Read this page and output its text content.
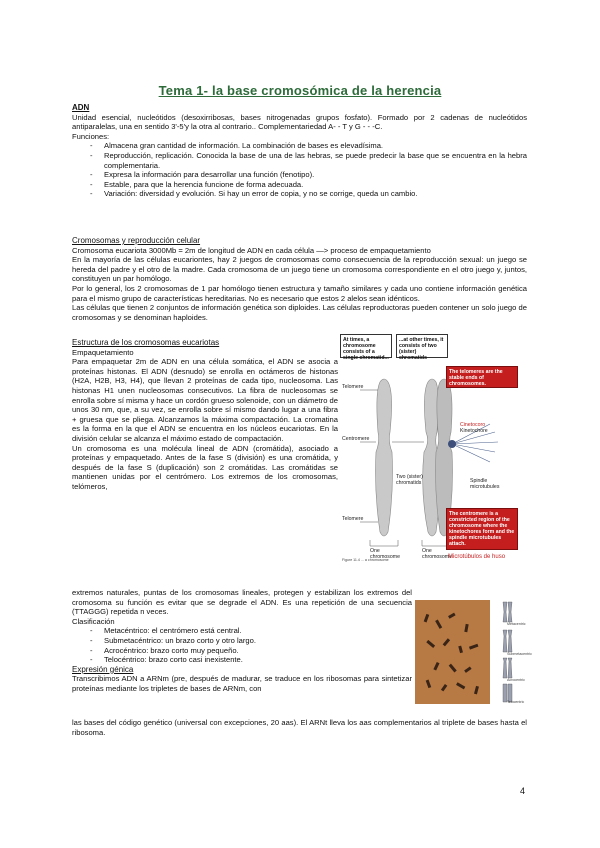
Tema 1- la base cromosómica de la herencia
ADN
Unidad esencial, nucleótidos (desoxirribosas, bases nitrogenadas grupos fosfato). Formado por 2 cadenas de nucleótidos antiparalelas, una en sentido 3'-5'y la otra al contrario.. Complementariedad A- - T y G - - -C.
Funciones:
- Almacena gran cantidad de información. La combinación de bases es elevadísima.
- Reproducción, replicación. Conocida la base de una de las hebras, se puede predecir la base que se encuentra en la hebra complementaria.
- Expresa la información para desarrollar una función (fenotipo).
- Estable, para que la herencia funcione de forma adecuada.
- Variación: diversidad y evolución. Si hay un error de copia, y no se corrige, queda un cambio.
Cromosomas y reproducción celular
Cromosoma eucariota 3000Mb = 2m de longitud de ADN en cada célula —> proceso de empaquetamiento
En la mayoría de las células eucariontes, hay 2 juegos de cromosomas como consecuencia de la reproducción sexual: un juego se hereda del padre y el otro de la madre. Cada cromosoma de un juego tiene un cromosoma correspondiente en el otro juego y, juntos, constituyen un par homólogo.
Por lo general, los 2 cromosomas de 1 par homólogo tienen estructura y tamaño similares y cada uno contiene información genética para el mismo grupo de características hereditarias. No es necesario que estos 2 alelos sean idénticos.
Las células que tienen 2 conjuntos de información genética son diploides. Las células reproductoras pueden contener un solo juego de cromosomas y se denominan haploides.
Estructura de los cromosomas eucariotas
Empaquetamiento
Para empaquetar 2m de ADN en una célula somática, el ADN se asocia a proteínas histonas. El ADN (desnudo) se enrolla en octámeros de histonas (H2A, H2B, H3, H4), que llevan 2 proteínas de cada tipo, nucleosoma. Las histonas H1 unen nucleosomas consecutivos. La fibra de nucleosomas se enrolla sobre sí misma y hace un cordón grueso solenoide, con un diámetro de unos 30 nm, que, a su vez, se enrolla sobre sí mismo dando lugar a una fibra + gruesa que se pliega. Alcanzamos la máxima compactación. La cromatina es la forma en la que el ADN se encuentra en los núcleos eucariotas. En la división celular se alcanza el máximo estado de compactación.
Un cromosoma es una molécula lineal de ADN (cromátida), asociado a proteínas y empaquetado. Antes de la fase S (división) es una cromátida, y después de la fase S (duplicación) son 2 cromátidas. Las cromátidas se mantienen unidas por el centrómero. Los extremos de los cromosomas, telómeros,
extremos naturales, puntas de los cromosomas lineales, protegen y estabilizan los extremos del cromosoma su función es evitar que se degrade el ADN. Es una repetición de una secuencia (TTAGGG) repetida n veces.
Clasificación
- Metacéntrico: el centrómero está central.
- Submetacéntrico: un brazo corto y otro largo.
- Acrocéntrico: brazo corto muy pequeño.
- Telocéntrico: brazo corto casi inexistente.
Expresión génica
Transcribimos ADN a ARNm (pre, después de madurar, se traduce en los ribosomas para sintetizar proteínas mediante los tripletes de bases de ARNm, con
las bases del código genético (universal con excepciones, 20 aas). El ARNt lleva los aas complementarios al triplete de bases hasta el ribosoma.
At times, a chromosome consists of a single chromatid...
...at other times, it consists of two (sister) chromatids
The telomeres are the stable ends of chromosomes.
The centromere is a constricted region of the chromosome where the kinetochores form and the spindle microtubules attach.
Telomere
Telomere
Centromere
Two (sister) chromatids
Cinetocoro
Kinetochore
Spindle microtubules
One chromosome
One chromosome
Microtúbulos de huso
Figure 11.4 ... a chromosome
Metacentric
Submetacentric
Acrocentric
Telocentric
4
